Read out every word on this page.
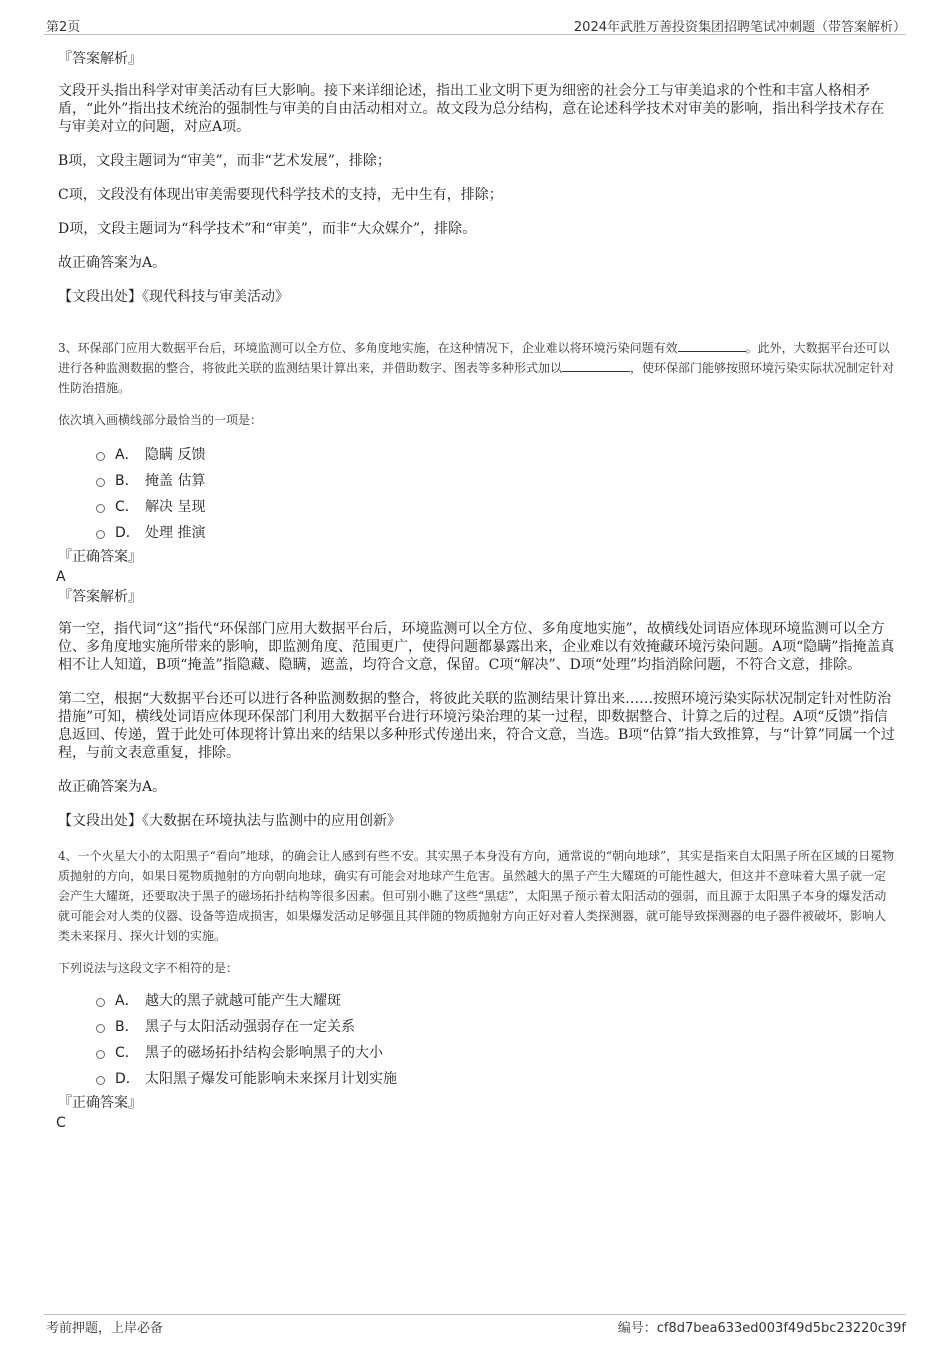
第2页	2024年武胜万善投资集团招聘笔试冲刺题（带答案解析）

『答案解析』

文段开头指出科学对审美活动有巨大影响。接下来详细论述，指出工业文明下更为细密的社会分工与审美追求的个性和丰富人格相矛盾，“此外”指出技术统治的强制性与审美的自由活动相对立。故文段为总分结构，意在论述科学技术对审美的影响，指出科学技术存在与审美对立的问题，对应A项。

B项，文段主题词为“审美”，而非“艺术发展”，排除；

C项，文段没有体现出审美需要现代科学技术的支持，无中生有，排除；

D项，文段主题词为“科学技术”和“审美”，而非“大众媒介”，排除。

故正确答案为A。

【文段出处】《现代科技与审美活动》

3、环保部门应用大数据平台后，环境监测可以全方位、多角度地实施，在这种情况下，企业难以将环境污染问题有效	。此外，大数据平台还可以进行各种监测数据的整合，将彼此关联的监测结果计算出来，并借助数字、图表等多种形式加以	，使环保部门能够按照环境污染实际状况制定针对性防治措施。

依次填入画横线部分最恰当的一项是：

A． 隐瞒 反馈
B． 掩盖 估算
C． 解决 呈现
D． 处理 推演

『正确答案』

A

『答案解析』

第一空，指代词“这”指代“环保部门应用大数据平台后，环境监测可以全方位、多角度地实施”，故横线处词语应体现环境监测可以全方位、多角度地实施所带来的影响，即监测角度、范围更广，使得问题都暴露出来，企业难以有效掩藏环境污染问题。A项“隐瞒”指掩盖真相不让人知道，B项“掩盖”指隐藏、隐瞒，遮盖，均符合文意，保留。C项“解决”、D项“处理”均指消除问题，不符合文意，排除。

第二空，根据“大数据平台还可以进行各种监测数据的整合，将彼此关联的监测结果计算出来……按照环境污染实际状况制定针对性防治措施”可知，横线处词语应体现环保部门利用大数据平台进行环境污染治理的某一过程，即数据整合、计算之后的过程。A项“反馈”指信息返回、传递，置于此处可体现将计算出来的结果以多种形式传递出来，符合文意，当选。B项“估算”指大致推算，与“计算”同属一个过程，与前文表意重复，排除。

故正确答案为A。

【文段出处】《大数据在环境执法与监测中的应用创新》

4、一个火星大小的太阳黑子“看向”地球，的确会让人感到有些不安。其实黑子本身没有方向，通常说的“朝向地球”，其实是指来自太阳黑子所在区域的日冕物质抛射的方向，如果日冕物质抛射的方向朝向地球，确实有可能会对地球产生危害。虽然越大的黑子产生大耀斑的可能性越大，但这并不意味着大黑子就一定会产生大耀斑，还要取决于黑子的磁场拓扑结构等很多因素。但可别小瞧了这些“黑痣”，太阳黑子预示着太阳活动的强弱，而且源于太阳黑子本身的爆发活动就可能会对人类的仪器、设备等造成损害，如果爆发活动足够强且其伴随的物质抛射方向正好对着人类探测器，就可能导致探测器的电子器件被破坏，影响人类未来探月、探火计划的实施。

下列说法与这段文字不相符的是：

A． 越大的黑子就越可能产生大耀斑
B． 黑子与太阳活动强弱存在一定关系
C． 黑子的磁场拓扑结构会影响黑子的大小
D． 太阳黑子爆发可能影响未来探月计划实施

『正确答案』

C

考前押题，上岸必备	编号：cf8d7bea633ed003f49d5bc23220c39f
